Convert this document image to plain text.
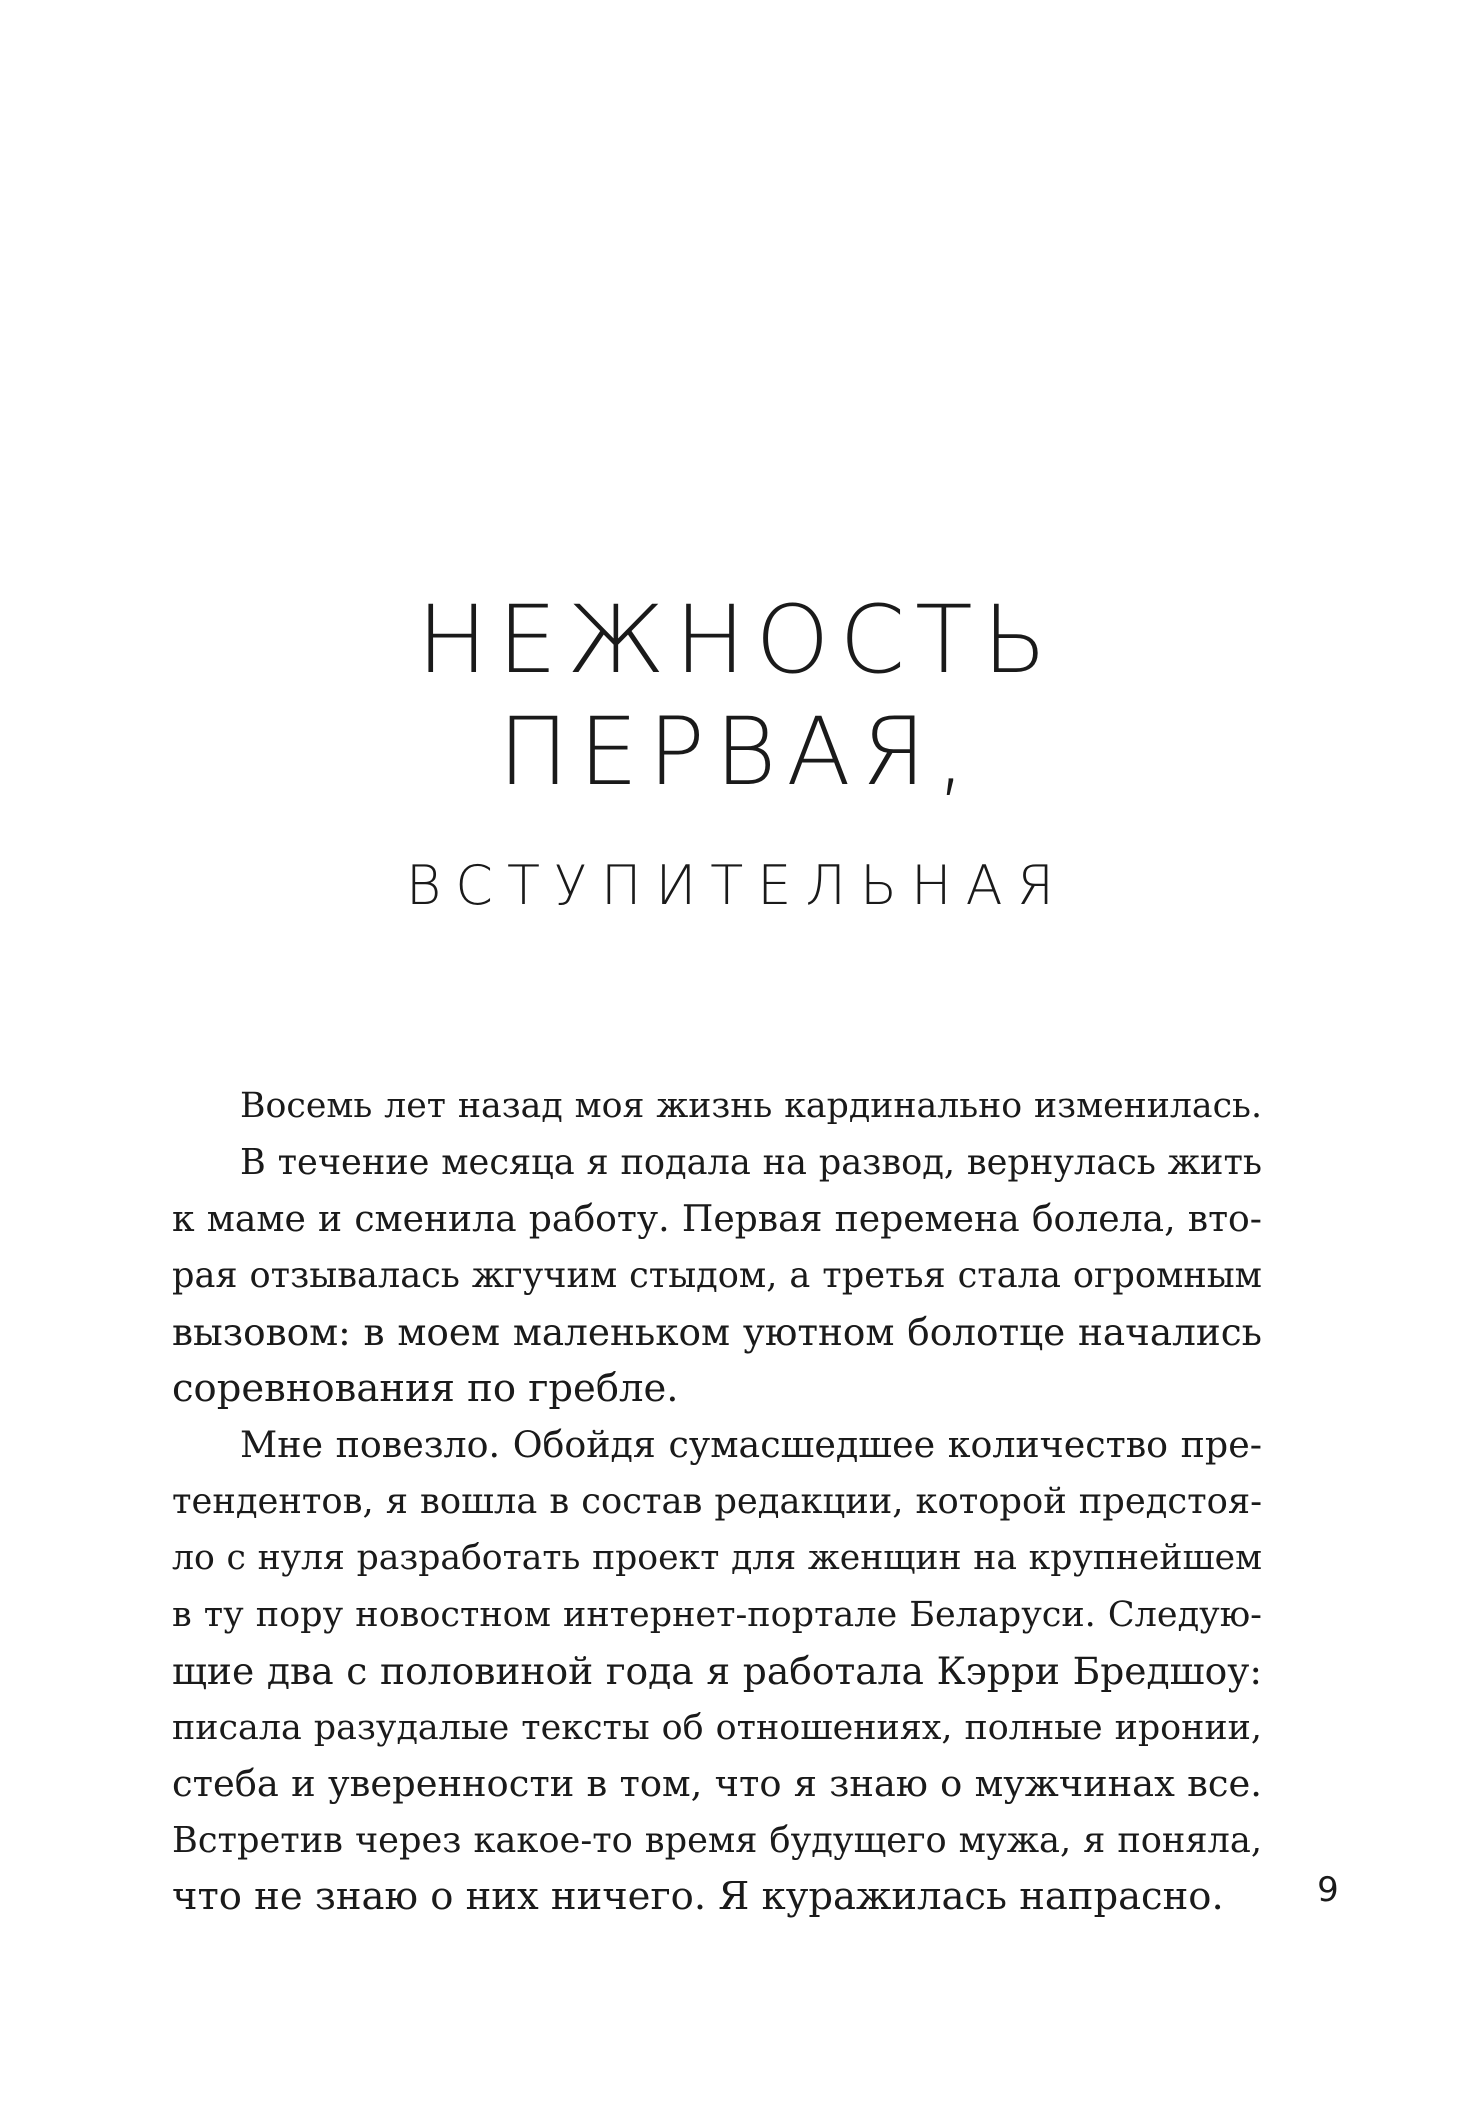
НЕЖНОСТЬ
ПЕРВАЯ,
ВСТУПИТЕЛЬНАЯ
Восемь лет назад моя жизнь кардинально изменилась.
В течение месяца я подала на развод, вернулась жить
к маме и сменила работу. Первая перемена болела, вто-
рая отзывалась жгучим стыдом, а третья стала огромным
вызовом: в моем маленьком уютном болотце начались
соревнования по гребле.
Мне повезло. Обойдя сумасшедшее количество пре-
тендентов, я вошла в состав редакции, которой предстоя-
ло с нуля разработать проект для женщин на крупнейшем
в ту пору новостном интернет-портале Беларуси. Следую-
щие два с половиной года я работала Кэрри Бредшоу:
писала разудалые тексты об отношениях, полные иронии,
стеба и уверенности в том, что я знаю о мужчинах все.
Встретив через какое-то время будущего мужа, я поняла,
что не знаю о них ничего. Я куражилась напрасно.	9
